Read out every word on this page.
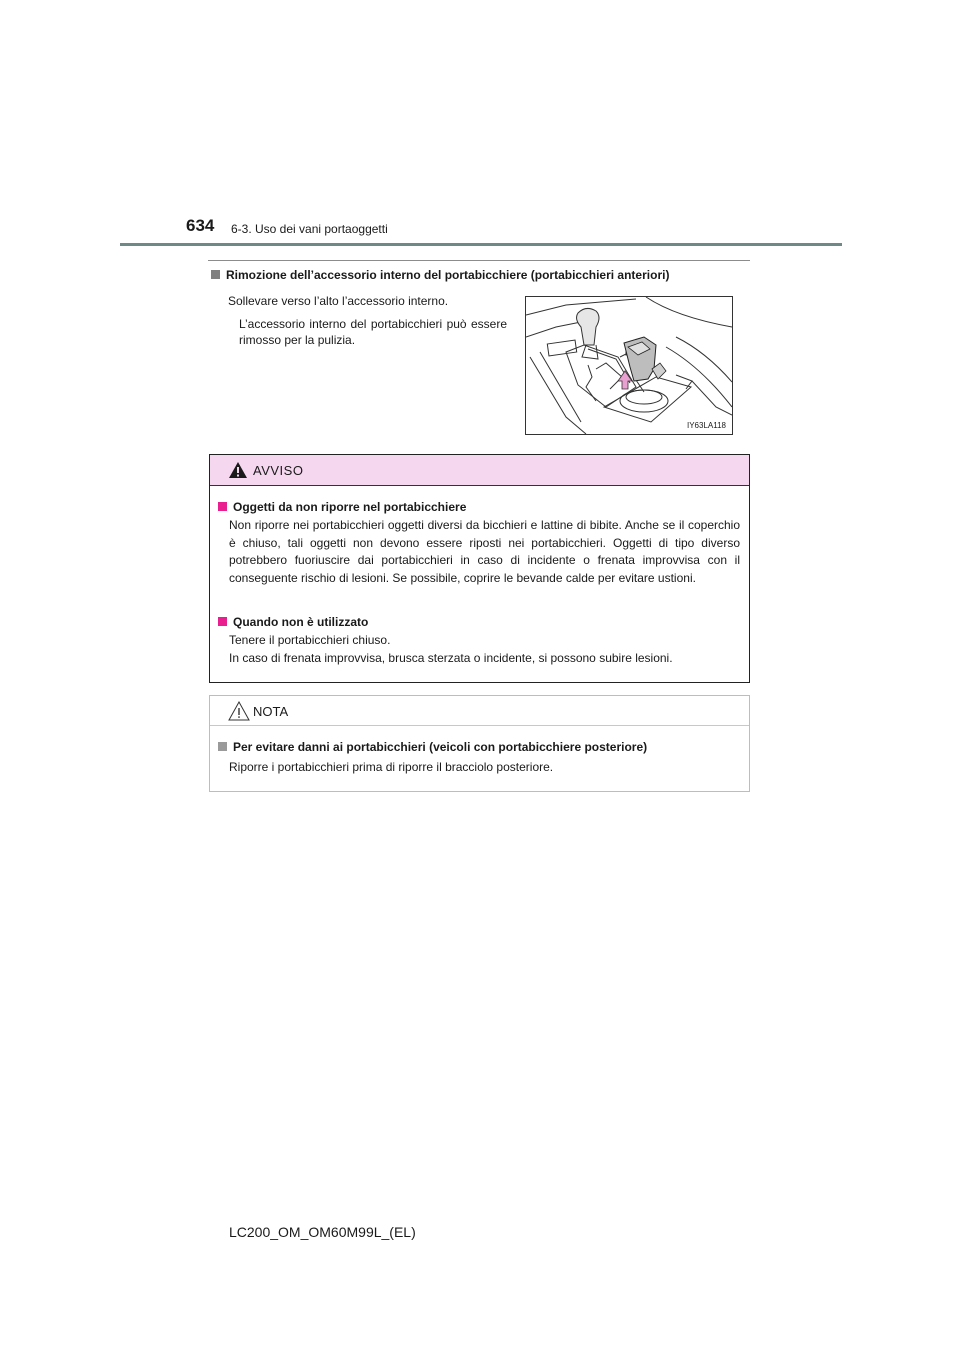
634 6-3. Uso dei vani portaoggetti
Rimozione dell’accessorio interno del portabicchiere (portabicchieri anteriori)
Sollevare verso l’alto l’accessorio interno.
L’accessorio interno del portabicchieri può essere rimosso per la pulizia.
IY63LA118
AVVISO
Oggetti da non riporre nel portabicchiere
Non riporre nei portabicchieri oggetti diversi da bicchieri e lattine di bibite. Anche se il coperchio è chiuso, tali oggetti non devono essere riposti nei portabicchieri. Oggetti di tipo diverso potrebbero fuoriuscire dai portabicchieri in caso di incidente o frenata improvvisa con il conseguente rischio di lesioni. Se possibile, coprire le bevande calde per evitare ustioni.
Quando non è utilizzato
Tenere il portabicchieri chiuso.
In caso di frenata improvvisa, brusca sterzata o incidente, si possono subire lesioni.
NOTA
Per evitare danni ai portabicchieri (veicoli con portabicchiere posteriore)
Riporre i portabicchieri prima di riporre il bracciolo posteriore.
LC200_OM_OM60M99L_(EL)
